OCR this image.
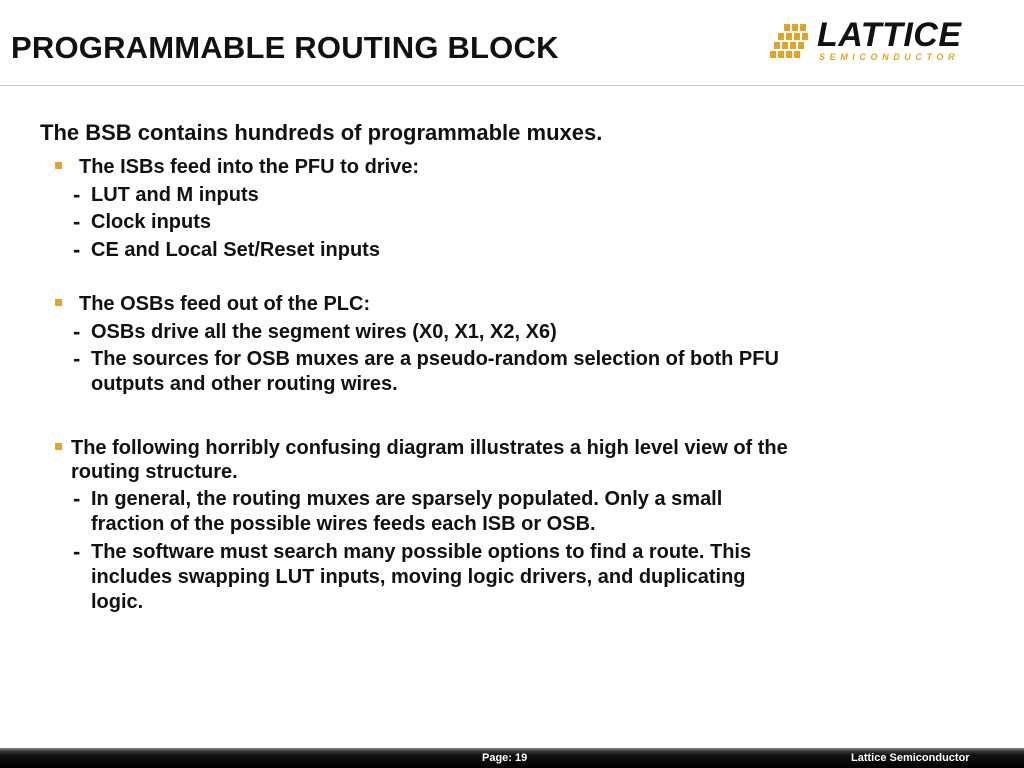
PROGRAMMABLE ROUTING BLOCK	LATTICE
SEMICONDUCTOR
The BSB contains hundreds of programmable muxes.
The ISBs feed into the PFU to drive:
- LUT and M inputs
- Clock inputs
- CE and Local Set/Reset inputs
The OSBs feed out of the PLC:
- OSBs drive all the segment wires (X0, X1, X2, X6)
- The sources for OSB muxes are a pseudo-random selection of both PFU
outputs and other routing wires.
The following horribly confusing diagram illustrates a high level view of the
routing structure.
- In general, the routing muxes are sparsely populated. Only a small
fraction of the possible wires feeds each ISB or OSB.
- The software must search many possible options to find a route. This
includes swapping LUT inputs, moving logic drivers, and duplicating
logic.
Page: 19	Lattice Semiconductor
